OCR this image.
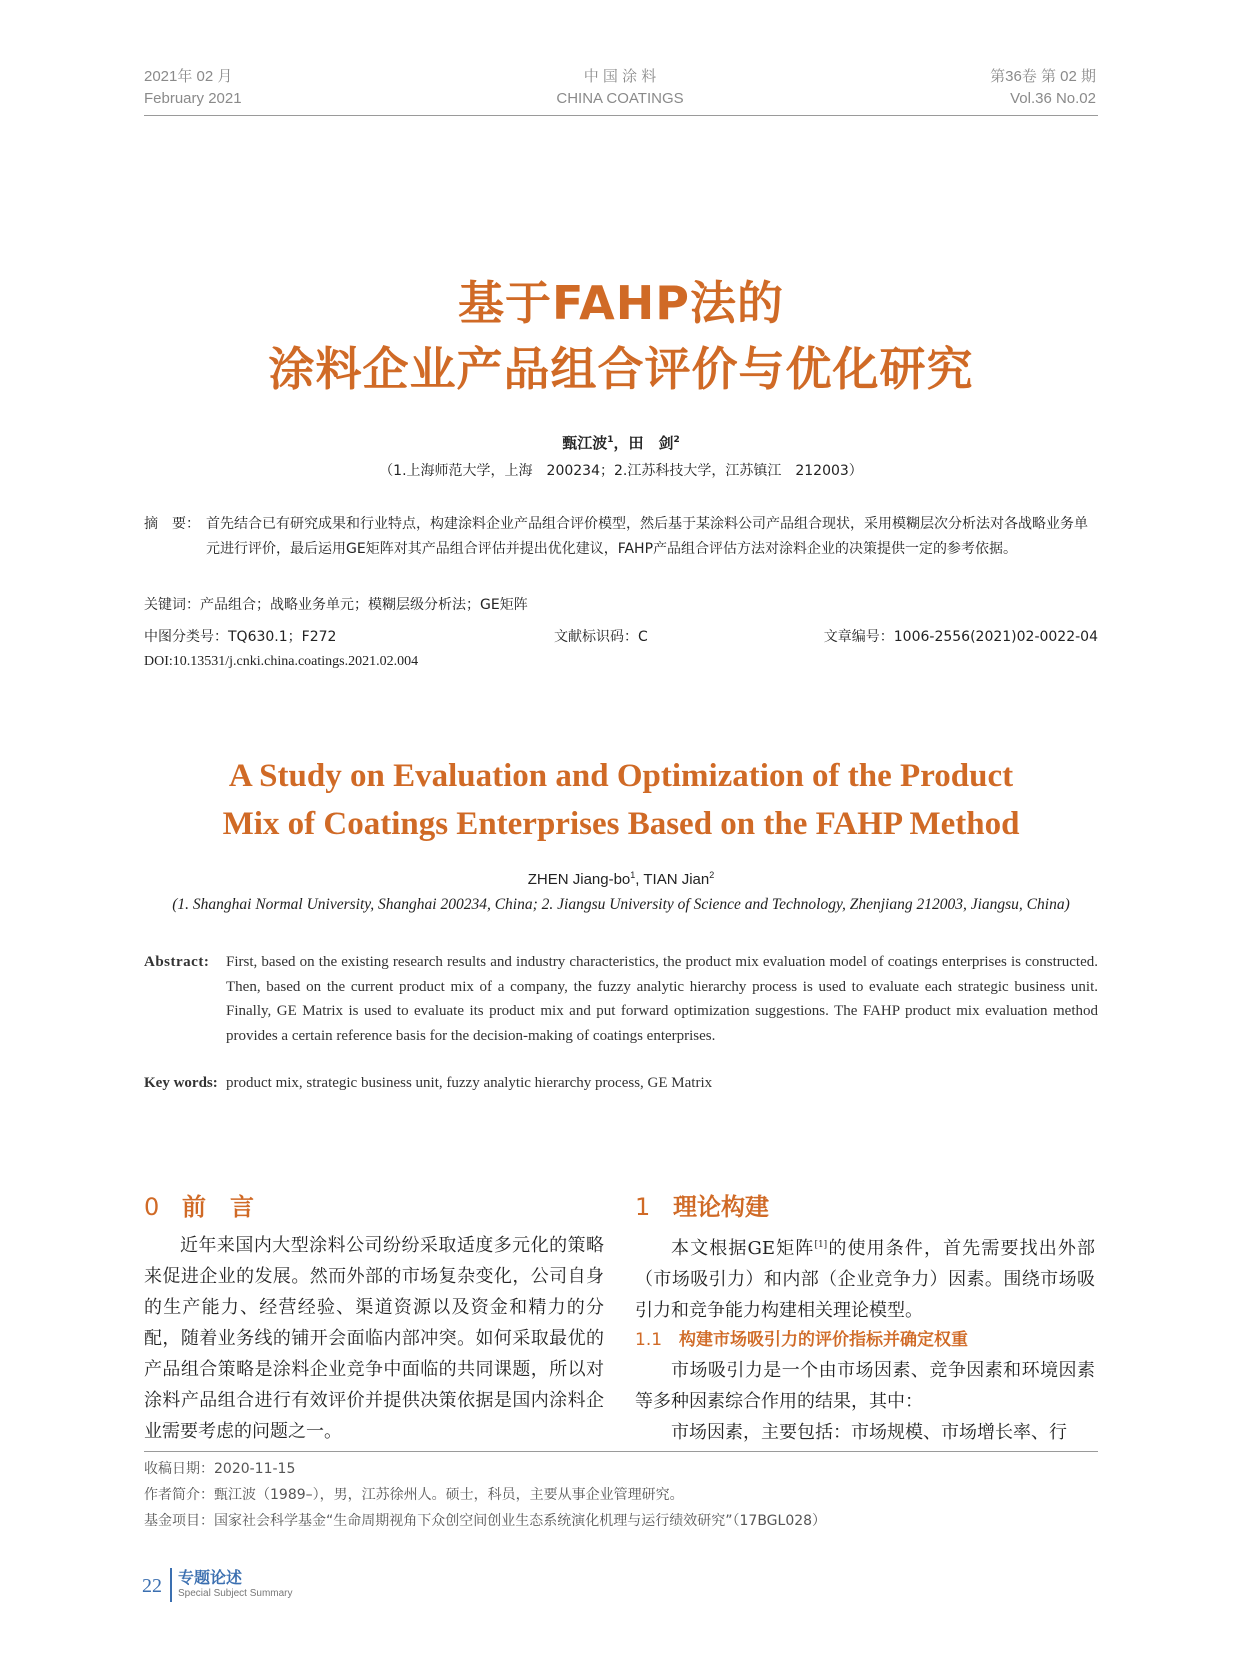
2021年 02 月
February 2021
中 国 涂 料
CHINA COATINGS
第36卷 第 02 期
Vol.36 No.02
基于FAHP法的
涂料企业产品组合评价与优化研究
甄江波$^1$，田　剑$^2$
（1.上海师范大学，上海　200234；2.江苏科技大学，江苏镇江　212003）
摘　要： 首先结合已有研究成果和行业特点，构建涂料企业产品组合评价模型，然后基于某涂料公司产品组合现状，采用模糊层次分析法对各战略业务单元进行评价，最后运用GE矩阵对其产品组合评估并提出优化建议，FAHP产品组合评估方法对涂料企业的决策提供一定的参考依据。
关键词：产品组合；战略业务单元；模糊层级分析法；GE矩阵
中图分类号：TQ630.1；F272	文献标识码：C	文章编号：1006-2556(2021)02-0022-04
DOI:10.13531/j.cnki.china.coatings.2021.02.004
A Study on Evaluation and Optimization of the Product
Mix of Coatings Enterprises Based on the FAHP Method
ZHEN Jiang-$bo^1$, TIAN Jian$^2$
(1. Shanghai Normal University, Shanghai 200234, China; 2. Jiangsu University of Science and Technology, Zhenjiang 212003, Jiangsu, China)
Abstract: First, based on the existing research results and industry characteristics, the product mix evaluation model of coatings enterprises is constructed. Then, based on the current product mix of a company, the fuzzy analytic hierarchy process is used to evaluate each strategic business unit. Finally, GE Matrix is used to evaluate its product mix and put forward optimization suggestions. The FAHP product mix evaluation method provides a certain reference basis for the decision-making of coatings enterprises.
Key words: product mix, strategic business unit, fuzzy analytic hierarchy process, GE Matrix
0 前　言

近年来国内大型涂料公司纷纷采取适度多元化的策略来促进企业的发展。然而外部的市场复杂变化，公司自身的生产能力、经营经验、渠道资源以及资金和精力的分配，随着业务线的铺开会面临内部冲突。如何采取最优的产品组合策略是涂料企业竞争中面临的共同课题，所以对涂料产品组合进行有效评价并提供决策依据是国内涂料企业需要考虑的问题之一。

1 理论构建

本文根据GE矩阵[1]的使用条件，首先需要找出外部（市场吸引力）和内部（企业竞争力）因素。围绕市场吸引力和竞争能力构建相关理论模型。

1.1 构建市场吸引力的评价指标并确定权重

市场吸引力是一个由市场因素、竞争因素和环境因素等多种因素综合作用的结果，其中：

市场因素，主要包括：市场规模、市场增长率、行

收稿日期：2020-11-15
作者简介：甄江波（1989–），男，江苏徐州人。硕士，科员，主要从事企业管理研究。
基金项目：国家社会科学基金“生命周期视角下众创空间创业生态系统演化机理与运行绩效研究”（17BGL028）
22 专题论述
Special Subject Summary
